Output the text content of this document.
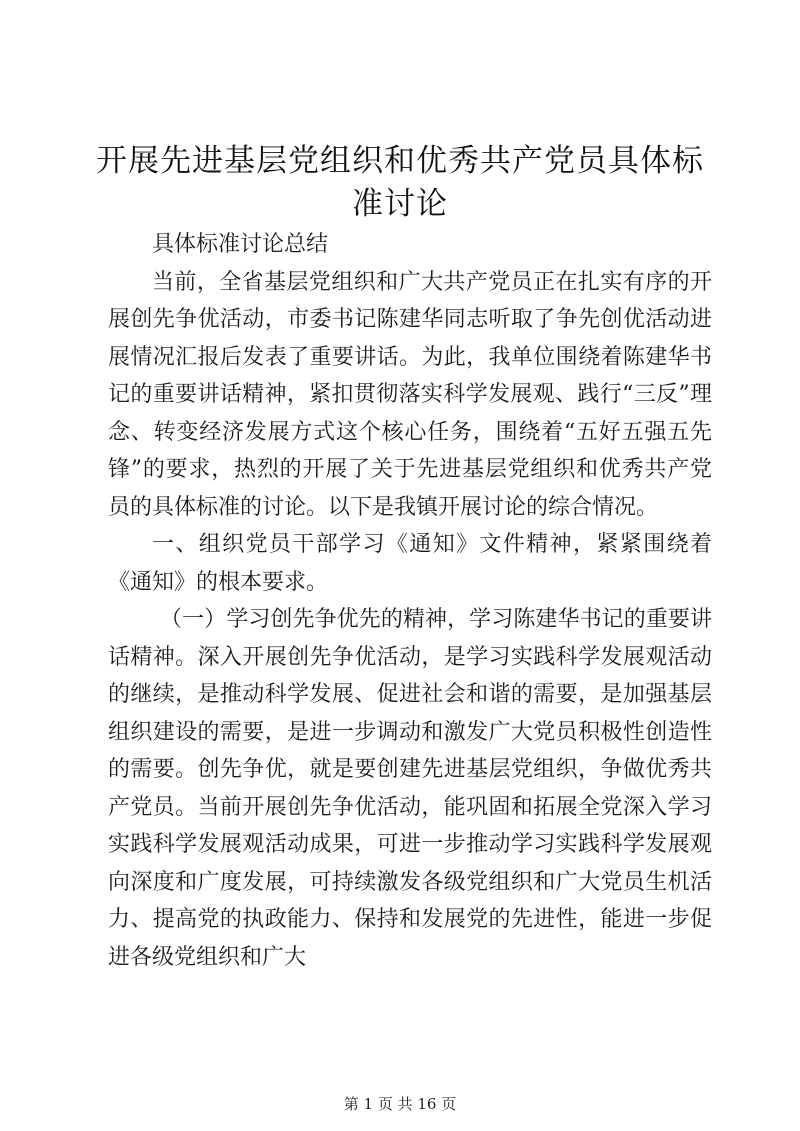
开展先进基层党组织和优秀共产党员具体标准讨论

具体标准讨论总结

当前，全省基层党组织和广大共产党员正在扎实有序的开展创先争优活动，市委书记陈建华同志听取了争先创优活动进展情况汇报后发表了重要讲话。为此，我单位围绕着陈建华书记的重要讲话精神，紧扣贯彻落实科学发展观、践行“三反”理念、转变经济发展方式这个核心任务，围绕着“五好五强五先锋”的要求，热烈的开展了关于先进基层党组织和优秀共产党员的具体标准的讨论。以下是我镇开展讨论的综合情况。

一、组织党员干部学习《通知》文件精神，紧紧围绕着《通知》的根本要求。

（一）学习创先争优先的精神，学习陈建华书记的重要讲话精神。深入开展创先争优活动，是学习实践科学发展观活动的继续，是推动科学发展、促进社会和谐的需要，是加强基层组织建设的需要，是进一步调动和激发广大党员积极性创造性的需要。创先争优，就是要创建先进基层党组织，争做优秀共产党员。当前开展创先争优活动，能巩固和拓展全党深入学习实践科学发展观活动成果，可进一步推动学习实践科学发展观向深度和广度发展，可持续激发各级党组织和广大党员生机活力、提高党的执政能力、保持和发展党的先进性，能进一步促进各级党组织和广大

第 1 页 共 16 页
